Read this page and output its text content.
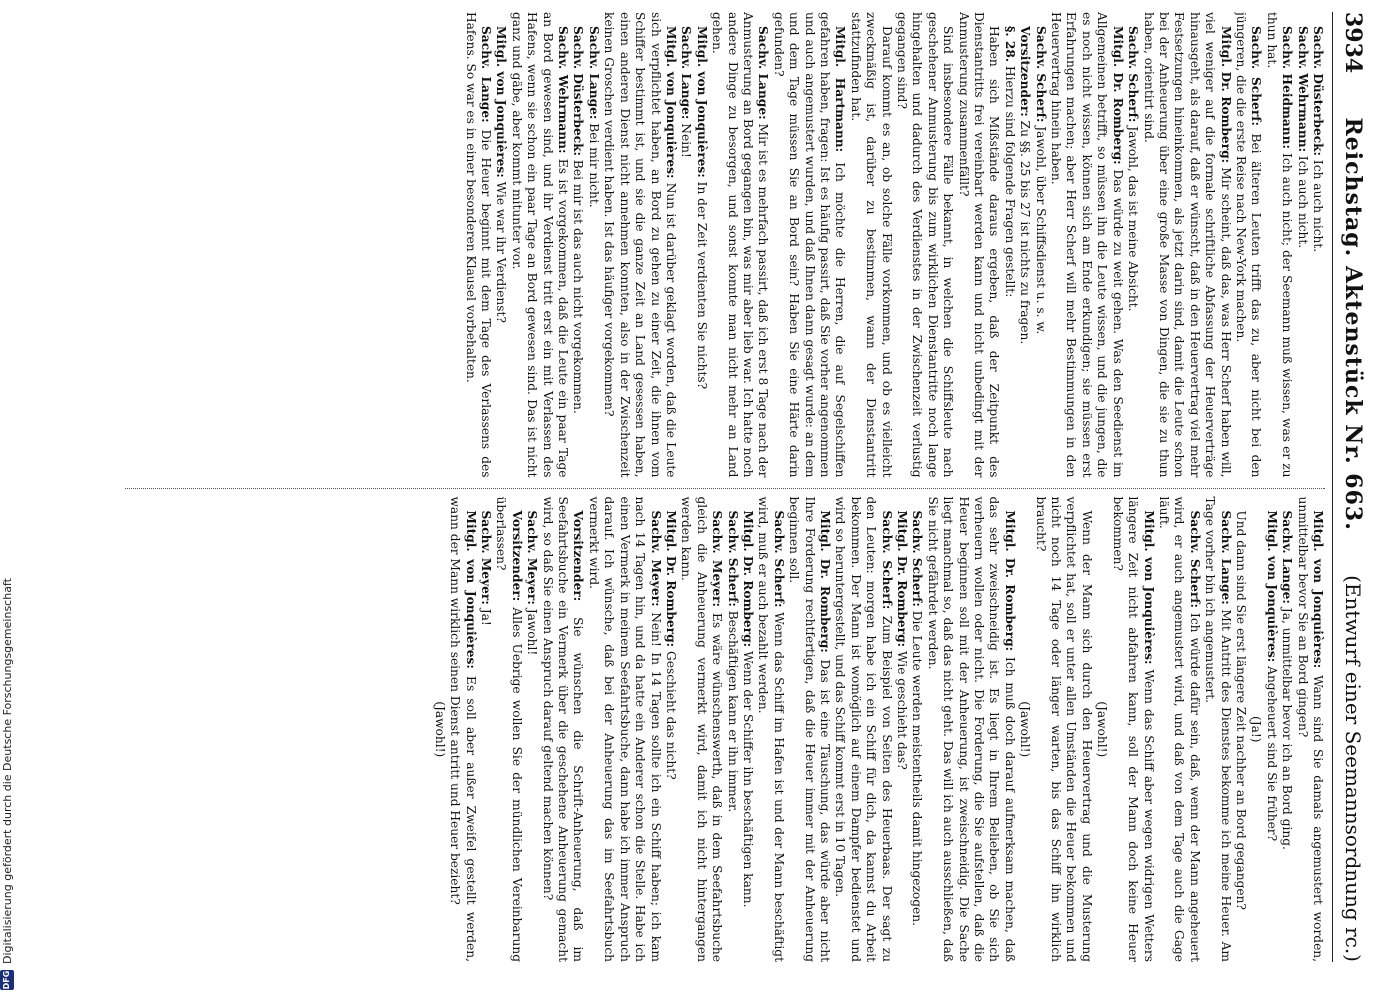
3934
Reichstag. Aktenstück Nr. 663.
(Entwurf einer Seemannsordnung rc.)

Sachv. Düsterbeck: Ich auch nicht.

Sachv. Wehrmann: Ich auch nicht.

Sachv. Heidmann: Ich auch nicht; der Seemann muß wissen, was er zu thun hat.

Sachv. Scherf: Bei älteren Leuten trifft das zu, aber nicht bei den jüngeren, die die erste Reise nach New-York machen.

Mitgl. Dr. Romberg: Mir scheint, daß das, was Herr Scherf haben will, viel weniger auf die formale schriftliche Abfassung der Heuerverträge hinausgeht, als darauf, daß er wünscht, daß in den Heuervertrag viel mehr Festsetzungen hineinkommen, als jetzt darin sind, damit die Leute schon bei der Anheuerung über eine große Masse von Dingen, die sie zu thun haben, orientirt sind.

Sachv. Scherf: Jawohl, das ist meine Absicht.

Mitgl. Dr. Romberg: Das würde zu weit gehen. Was den Seedienst im Allgemeinen betrifft, so müssen ihn die Leute wissen, und die jungen, die es noch nicht wissen, können sich am Ende erkundigen; sie müssen erst Erfahrungen machen; aber Herr Scherf will mehr Bestimmungen in den Heuervertrag hinein haben.

Sachv. Scherf: Jawohl, über Schiffsdienst u. s. w.

Vorsitzender: Zu §§. 25 bis 27 ist nichts zu fragen.

§. 28. Hierzu sind folgende Fragen gestellt:

Haben sich Mißstände daraus ergeben, daß der Zeitpunkt des Dienstantritts frei vereinbart werden kann und nicht unbedingt mit der Anmusterung zusammenfällt?

Sind insbesondere Fälle bekannt, in welchen die Schiffsleute nach geschehener Anmusterung bis zum wirklichen Dienstantritte noch lange hingehalten und dadurch des Verdienstes in der Zwischenzeit verlustig gegangen sind?

Darauf kommt es an, ob solche Fälle vorkommen, und ob es vielleicht zweckmäßig ist, darüber zu bestimmen, wann der Dienstantritt stattzufinden hat.

Mitgl. Hartmann: Ich möchte die Herren, die auf Segelschiffen gefahren haben, fragen: Ist es häufig passirt, daß Sie vorher angenommen und auch angemustert wurden, und daß Ihnen dann gesagt wurde: an dem und dem Tage müssen Sie an Bord sein? Haben Sie eine Härte darin gefunden?

Sachv. Lange: Mir ist es mehrfach passirt, daß ich erst 8 Tage nach der Anmusterung an Bord gegangen bin, was mir aber lieb war. Ich hatte noch andere Dinge zu besorgen, und sonst konnte man nicht mehr an Land gehen.

Mitgl. von Jonquières: In der Zeit verdienten Sie nichts?

Sachv. Lange: Nein!

Mitgl. von Jonquières: Nun ist darüber geklagt worden, daß die Leute sich verpflichtet haben, an Bord zu gehen zu einer Zeit, die ihnen vom Schiffer bestimmt ist, und sie die ganze Zeit an Land gesessen haben, einen anderen Dienst nicht annehmen konnten, also in der Zwischenzeit keinen Groschen verdient haben. Ist das häufiger vorgekommen?

Sachv. Lange: Bei mir nicht.

Sachv. Düsterbeck: Bei mir ist das auch nicht vorgekommen.

Sachv. Wehrmann: Es ist vorgekommen, daß die Leute ein paar Tage an Bord gewesen sind, und ihr Verdienst tritt erst ein mit Verlassen des Hafens, wenn sie schon ein paar Tage an Bord gewesen sind. Das ist nicht ganz und gäbe, aber kommt mitunter vor.

Mitgl. von Jonquières: Wie war ihr Verdienst?

Sachv. Lange: Die Heuer beginnt mit dem Tage des Verlassens des Hafens. So war es in einer besonderen Klausel vorbehalten.

Mitgl. von Jonquières: Wann sind Sie damals angemustert worden, unmittelbar bevor Sie an Bord gingen?

Sachv. Lange: Ja, unmittelbar bevor ich an Bord ging.

Mitgl. von Jonquières: Angeheuert sind Sie früher?

(Ja!)

Und dann sind Sie erst längere Zeit nachher an Bord gegangen?

Sachv. Lange: Mit Antritt des Dienstes bekomme ich meine Heuer. Am Tage vorher bin ich angemustert.

Sachv. Scherf: Ich würde dafür sein, daß, wenn der Mann angeheuert wird, er auch angemustert wird, und daß von dem Tage auch die Gage läuft.

Mitgl. von Jonquières: Wenn das Schiff aber wegen widrigen Wetters längere Zeit nicht abfahren kann, soll der Mann doch keine Heuer bekommen?

(Jawohl!)

Wenn der Mann sich durch den Heuervertrag und die Musterung verpflichtet hat, soll er unter allen Umständen die Heuer bekommen und nicht noch 14 Tage oder länger warten, bis das Schiff ihn wirklich braucht?

(Jawohl!)

Mitgl. Dr. Romberg: Ich muß doch darauf aufmerksam machen, daß das sehr zweischneidig ist. Es liegt in Ihrem Belieben, ob Sie sich verheuern wollen oder nicht. Die Forderung, die Sie aufstellen, daß die Heuer beginnen soll mit der Anheuerung, ist zweischneidig. Die Sache liegt manchmal so, daß das nicht geht. Das will ich auch ausschließen, daß Sie nicht gefährdet werden.

Sachv. Scherf: Die Leute werden meistentheils damit hingezogen.

Mitgl. Dr. Romberg: Wie geschieht das?

Sachv. Scherf: Zum Beispiel von Seiten des Heuerbaas. Der sagt zu den Leuten: morgen habe ich ein Schiff für dich, da kannst du Arbeit bekommen. Der Mann ist womöglich auf einem Dampfer bedienstet und wird so heruntergestellt, und das Schiff kommt erst in 10 Tagen.

Mitgl. Dr. Romberg: Das ist eine Täuschung, das würde aber nicht Ihre Forderung rechtfertigen, daß die Heuer immer mit der Anheuerung beginnen soll.

Sachv. Scherf: Wenn das Schiff im Hafen ist und der Mann beschäftigt wird, muß er auch bezahlt werden.

Mitgl. Dr. Romberg: Wenn der Schiffer ihn beschäftigen kann.

Sachv. Scherf: Beschäftigen kann er ihn immer.

Sachv. Meyer: Es wäre wünschenswerth, daß in dem Seefahrtsbuche gleich die Anheuerung vermerkt wird, damit ich nicht hintergangen werden kann.

Mitgl. Dr. Romberg: Geschieht das nicht?

Sachv. Meyer: Nein! In 14 Tagen sollte ich ein Schiff haben; ich kam nach 14 Tagen hin, und da hatte ein Anderer schon die Stelle. Habe ich einen Vermerk in meinem Seefahrtsbuche, dann habe ich immer Anspruch darauf. Ich wünsche, daß bei der Anheuerung das im Seefahrtsbuch vermerkt wird.

Vorsitzender: Sie wünschen die Schrift-Anheuerung, daß im Seefahrtsbuche ein Vermerk über die geschehene Anheuerung gemacht wird, so daß Sie einen Anspruch darauf geltend machen können?

Sachv. Meyer: Jawohl!

Vorsitzender: Alles Uebrige wollen Sie der mündlichen Vereinbarung überlassen?

Sachv. Meyer: Ja!

Mitgl. von Jonquières: Es soll aber außer Zweifel gestellt werden, wann der Mann wirklich seinen Dienst antritt und Heuer bezieht?

(Jawohl!)

DFG
Digitalisierung gefördert durch die Deutsche Forschungsgemeinschaft
